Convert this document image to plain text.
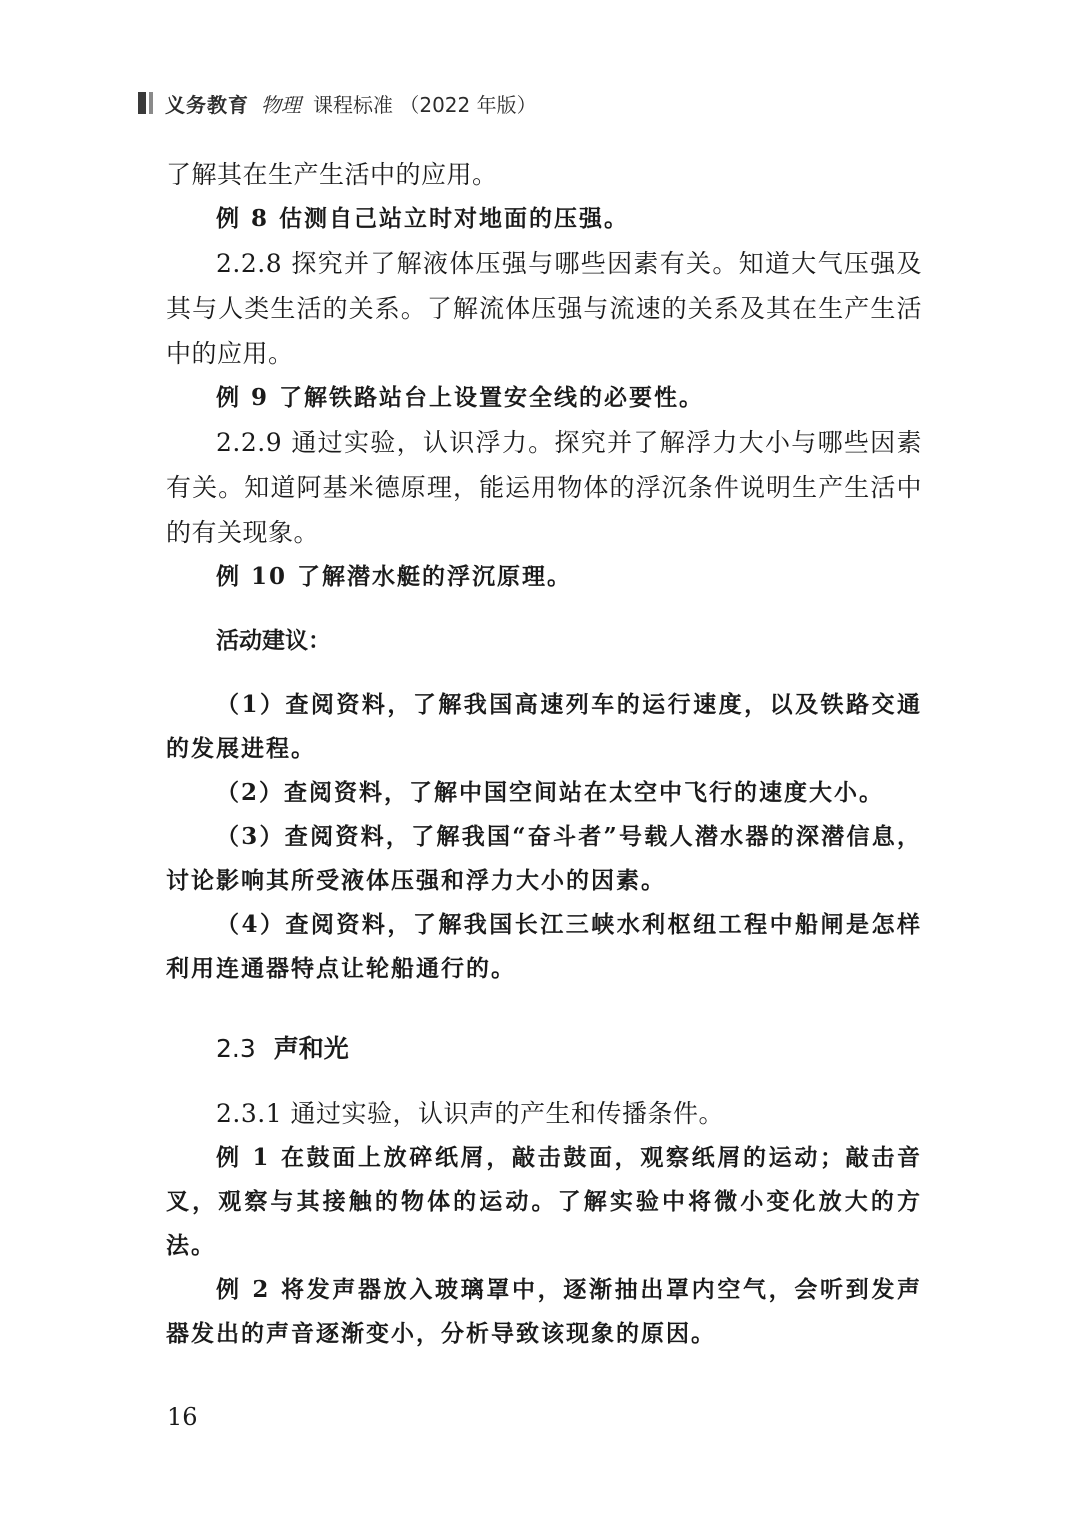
义务教育 物理 课程标准 （2022 年版）

了解其在生产生活中的应用。

例 8 估测自己站立时对地面的压强。

2.2.8 探究并了解液体压强与哪些因素有关。知道大气压强及其与人类生活的关系。了解流体压强与流速的关系及其在生产生活中的应用。

例 9 了解铁路站台上设置安全线的必要性。

2.2.9 通过实验，认识浮力。探究并了解浮力大小与哪些因素有关。知道阿基米德原理，能运用物体的浮沉条件说明生产生活中的有关现象。

例 10 了解潜水艇的浮沉原理。

活动建议：

（1）查阅资料，了解我国高速列车的运行速度，以及铁路交通的发展进程。

（2）查阅资料，了解中国空间站在太空中飞行的速度大小。

（3）查阅资料，了解我国“奋斗者”号载人潜水器的深潜信息，讨论影响其所受液体压强和浮力大小的因素。

（4）查阅资料，了解我国长江三峡水利枢纽工程中船闸是怎样利用连通器特点让轮船通行的。

2.3 声和光

2.3.1 通过实验，认识声的产生和传播条件。

例 1 在鼓面上放碎纸屑，敲击鼓面，观察纸屑的运动；敲击音叉，观察与其接触的物体的运动。了解实验中将微小变化放大的方法。

例 2 将发声器放入玻璃罩中，逐渐抽出罩内空气，会听到发声器发出的声音逐渐变小，分析导致该现象的原因。

16
